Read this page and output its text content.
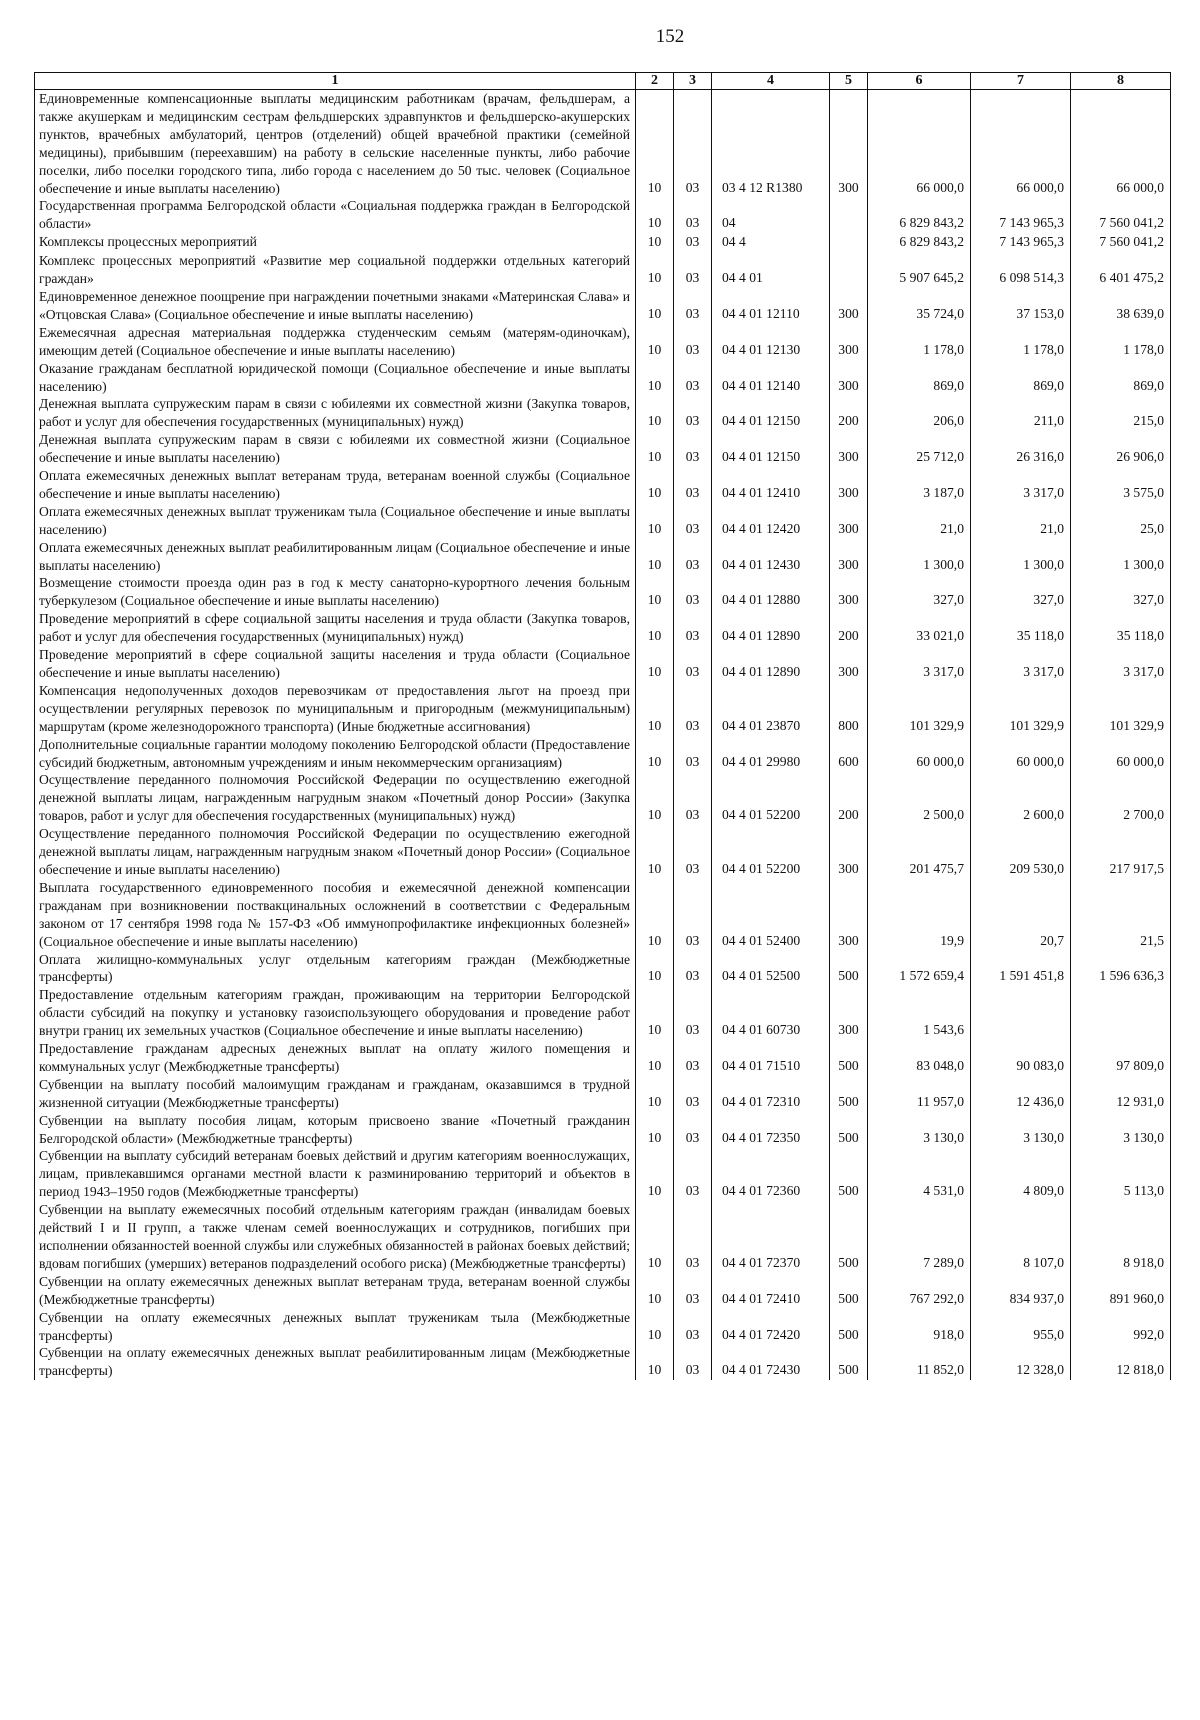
152
1	2	3	4	5	6	7	8
Единовременные компенсационные выплаты медицинским работникам (врачам, фельдшерам, а также акушеркам и медицинским сестрам фельдшерских здравпунктов и фельдшерско-акушерских пунктов, врачебных амбулаторий, центров (отделений) общей врачебной практики (семейной медицины), прибывшим (переехавшим) на работу в сельские населенные пункты, либо рабочие поселки, либо поселки городского типа, либо города с населением до 50 тыс. человек (Социальное обеспечение и иные выплаты населению)	10	03	03 4 12 R1380	300	66 000,0	66 000,0	66 000,0
Государственная программа Белгородской области «Социальная поддержка граждан в Белгородской области»	10	03	04		6 829 843,2	7 143 965,3	7 560 041,2
Комплексы процессных мероприятий	10	03	04 4		6 829 843,2	7 143 965,3	7 560 041,2
Комплекс процессных мероприятий «Развитие мер социальной поддержки отдельных категорий граждан»	10	03	04 4 01		5 907 645,2	6 098 514,3	6 401 475,2
Единовременное денежное поощрение при награждении почетными знаками «Материнская Слава» и «Отцовская Слава» (Социальное обеспечение и иные выплаты населению)	10	03	04 4 01 12110	300	35 724,0	37 153,0	38 639,0
Ежемесячная адресная материальная поддержка студенческим семьям (матерям-одиночкам), имеющим детей (Социальное обеспечение и иные выплаты населению)	10	03	04 4 01 12130	300	1 178,0	1 178,0	1 178,0
Оказание гражданам бесплатной юридической помощи (Социальное обеспечение и иные выплаты населению)	10	03	04 4 01 12140	300	869,0	869,0	869,0
Денежная выплата супружеским парам в связи с юбилеями их совместной жизни (Закупка товаров, работ и услуг для обеспечения государственных (муниципальных) нужд)	10	03	04 4 01 12150	200	206,0	211,0	215,0
Денежная выплата супружеским парам в связи с юбилеями их совместной жизни (Социальное обеспечение и иные выплаты населению)	10	03	04 4 01 12150	300	25 712,0	26 316,0	26 906,0
Оплата ежемесячных денежных выплат ветеранам труда, ветеранам военной службы (Социальное обеспечение и иные выплаты населению)	10	03	04 4 01 12410	300	3 187,0	3 317,0	3 575,0
Оплата ежемесячных денежных выплат труженикам тыла (Социальное обеспечение и иные выплаты населению)	10	03	04 4 01 12420	300	21,0	21,0	25,0
Оплата ежемесячных денежных выплат реабилитированным лицам (Социальное обеспечение и иные выплаты населению)	10	03	04 4 01 12430	300	1 300,0	1 300,0	1 300,0
Возмещение стоимости проезда один раз в год к месту санаторно-курортного лечения больным туберкулезом (Социальное обеспечение и иные выплаты населению)	10	03	04 4 01 12880	300	327,0	327,0	327,0
Проведение мероприятий в сфере социальной защиты населения и труда области (Закупка товаров, работ и услуг для обеспечения государственных (муниципальных) нужд)	10	03	04 4 01 12890	200	33 021,0	35 118,0	35 118,0
Проведение мероприятий в сфере социальной защиты населения и труда области (Социальное обеспечение и иные выплаты населению)	10	03	04 4 01 12890	300	3 317,0	3 317,0	3 317,0
Компенсация недополученных доходов перевозчикам от предоставления льгот на проезд при осуществлении регулярных перевозок по муниципальным и пригородным (межмуниципальным) маршрутам (кроме железнодорожного транспорта) (Иные бюджетные ассигнования)	10	03	04 4 01 23870	800	101 329,9	101 329,9	101 329,9
Дополнительные социальные гарантии молодому поколению Белгородской области (Предоставление субсидий бюджетным, автономным учреждениям и иным некоммерческим организациям)	10	03	04 4 01 29980	600	60 000,0	60 000,0	60 000,0
Осуществление переданного полномочия Российской Федерации по осуществлению ежегодной денежной выплаты лицам, награжденным нагрудным знаком «Почетный донор России» (Закупка товаров, работ и услуг для обеспечения государственных (муниципальных) нужд)	10	03	04 4 01 52200	200	2 500,0	2 600,0	2 700,0
Осуществление переданного полномочия Российской Федерации по осуществлению ежегодной денежной выплаты лицам, награжденным нагрудным знаком «Почетный донор России» (Социальное обеспечение и иные выплаты населению)	10	03	04 4 01 52200	300	201 475,7	209 530,0	217 917,5
Выплата государственного единовременного пособия и ежемесячной денежной компенсации гражданам при возникновении поствакцинальных осложнений в соответствии с Федеральным законом от 17 сентября 1998 года № 157-ФЗ «Об иммунопрофилактике инфекционных болезней» (Социальное обеспечение и иные выплаты населению)	10	03	04 4 01 52400	300	19,9	20,7	21,5
Оплата жилищно-коммунальных услуг отдельным категориям граждан (Межбюджетные трансферты)	10	03	04 4 01 52500	500	1 572 659,4	1 591 451,8	1 596 636,3
Предоставление отдельным категориям граждан, проживающим на территории Белгородской области субсидий на покупку и установку газоиспользующего оборудования и проведение работ внутри границ их земельных участков (Социальное обеспечение и иные выплаты населению)	10	03	04 4 01 60730	300	1 543,6		
Предоставление гражданам адресных денежных выплат на оплату жилого помещения и коммунальных услуг (Межбюджетные трансферты)	10	03	04 4 01 71510	500	83 048,0	90 083,0	97 809,0
Субвенции на выплату пособий малоимущим гражданам и гражданам, оказавшимся в трудной жизненной ситуации (Межбюджетные трансферты)	10	03	04 4 01 72310	500	11 957,0	12 436,0	12 931,0
Субвенции на выплату пособия лицам, которым присвоено звание «Почетный гражданин Белгородской области» (Межбюджетные трансферты)	10	03	04 4 01 72350	500	3 130,0	3 130,0	3 130,0
Субвенции на выплату субсидий ветеранам боевых действий и другим категориям военнослужащих, лицам, привлекавшимся органами местной власти к разминированию территорий и объектов в период 1943–1950 годов (Межбюджетные трансферты)	10	03	04 4 01 72360	500	4 531,0	4 809,0	5 113,0
Субвенции на выплату ежемесячных пособий отдельным категориям граждан (инвалидам боевых действий I и II групп, а также членам семей военнослужащих и сотрудников, погибших при исполнении обязанностей военной службы или служебных обязанностей в районах боевых действий; вдовам погибших (умерших) ветеранов подразделений особого риска) (Межбюджетные трансферты)	10	03	04 4 01 72370	500	7 289,0	8 107,0	8 918,0
Субвенции на оплату ежемесячных денежных выплат ветеранам труда, ветеранам военной службы (Межбюджетные трансферты)	10	03	04 4 01 72410	500	767 292,0	834 937,0	891 960,0
Субвенции на оплату ежемесячных денежных выплат труженикам тыла (Межбюджетные трансферты)	10	03	04 4 01 72420	500	918,0	955,0	992,0
Субвенции на оплату ежемесячных денежных выплат реабилитированным лицам (Межбюджетные трансферты)	10	03	04 4 01 72430	500	11 852,0	12 328,0	12 818,0
